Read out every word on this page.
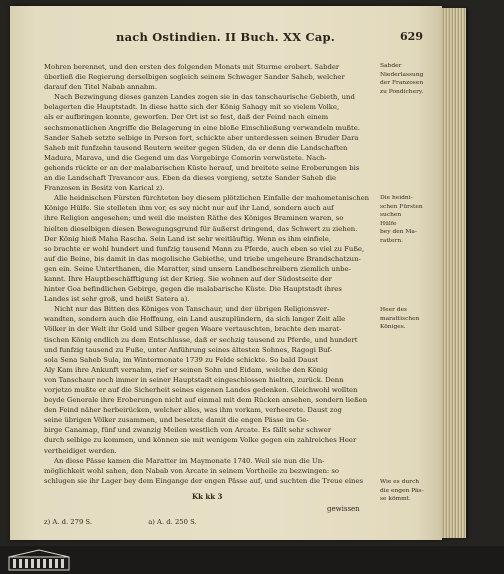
nach Ostindien. II Buch. XX Cap.	629
Mohren berennet, und den ersten des folgenden Monats mit Sturme erobert. Sabder
überließ die Regierung derselbigen sogleich seinem Schwager Sander Saheb, welcher
darauf den Titel Nabab annahm.
Nach Bezwingung dieses ganzen Landes zogen sie in das tanschaurische Gebieth, und
belagerten die Hauptstadt. In diese hatte sich der König Sahagy mit so vielem Volke,
als er aufbringen konnte, geworfen. Der Ort ist so fest, daß der Feind nach einem
sechsmonatlichen Angriffe die Belagerung in eine bloße Einschließung verwandeln mußte.
Sander Saheb setzte selbige in Person fort, schickte aber unterdessen seinen Bruder Dara
Saheb mit funfzehn tausend Reutern weiter gegen Süden, da er denn die Landschaften
Madura, Marava, und die Gegend um das Vorgebirge Comorin verwüstete. Nach-
gehends rückte er an der malabarischen Küste herauf, und breitete seine Eroberungen bis
an die Landschaft Travancor aus. Eben da dieses vorgieng, setzte Sander Saheb die
Franzosen in Besitz von Karical z).
Alle heidnischen Fürsten fürchteten bey diesem plötzlichen Einfalle der mahometanischen
Könige Hülfe. Sie stelleten ihm vor, es sey nicht nur auf ihr Land, sondern auch auf
ihre Religion angesehen; und weil die meisten Räthe des Königes Braminen waren, so
hielten dieselbigen diesen Bewegungsgrund für äußerst dringend, das Schwert zu ziehen.
Der König hieß Maha Rascha. Sein Land ist sehr weitläuftig. Wenn es ihm einfiele,
so brachte er wohl hundert und funfzig tausend Mann zu Pferde, auch eben so viel zu Fuße,
auf die Beine, bis damit in das mogolische Gebiethe, und triebe ungeheure Brandschatzun-
gen ein. Seine Unterthanen, die Maratter, sind unsern Landbeschreibern ziemlich unbe-
kannt. Ihre Hauptbeschäfftigung ist der Krieg. Sie wohnen auf der Südostseite der
hinter Goa befindlichen Gebirge, gegen die malabarische Küste. Die Hauptstadt ihres
Landes ist sehr groß, und heißt Satera a).
Nicht nur das Bitten des Königes von Tanschaur, und der übrigen Religionsver-
wandten, sondern auch die Hoffnung, ein Land auszuplündern, da sich langer Zeit alle
Völker in der Welt ihr Gold und Silber gegen Waare vertauschten, brachte den marat-
tischen König endlich zu dem Entschlusse, daß er sechzig tausend zu Pferde, und hundert
und funfzig tausend zu Fuße, unter Anführung seines ältesten Sohnes, Ragogi Buf-
sola Sena Saheb Sula, im Wintermonate 1739 zu Felde schickte. So bald Daust
Aly Kam ihre Ankunft vernahm, rief er seinen Sohn und Eidam, welche den König
von Tanschaur noch immer in seiner Hauptstadt eingeschlossen hielten, zurück. Denn
vorjetzo mußte er auf die Sicherheit seines eigenen Landes gedenken. Gleichwohl wollten
beyde Generale ihre Eroberungen nicht auf einmal mit dem Rücken ansehen, sondern ließen
den Feind näher herbeirücken, welcher alles, was ihm vorkam, verheerete. Daust zog
seine übrigen Völker zusammen, und besetzte damit die engen Pässe im Ge-
birge Canamap, fünf und zwanzig Meilen westlich von Arcate. Es fällt sehr schwer
durch selbige zu kommen, und können sie mit wenigem Volke gegen ein zahlreiches Heer
vertheidiget werden.
An diese Pässe kamen die Maratter im Maymonate 1740. Weil sie nun die Un-
möglichkeit wohl sahen, den Nabab von Arcate in seinem Vortheile zu bezwingen: so
schlugen sie ihr Lager bey dem Eingange der engen Pässe auf, und suchten die Treue eines
Sabder
Niederlassung
der Franzosen
zu Pondichery.
Die heidni-
schen Fürsten
suchen
Hülfe
bey den Ma-
rattern.
Heer des
marattischen
Königes.
Wie es durch
die engen Päs-
se kömmt.
Kk kk 3
gewissen
z) A. d. 279 S.	a) A. d. 250 S.
